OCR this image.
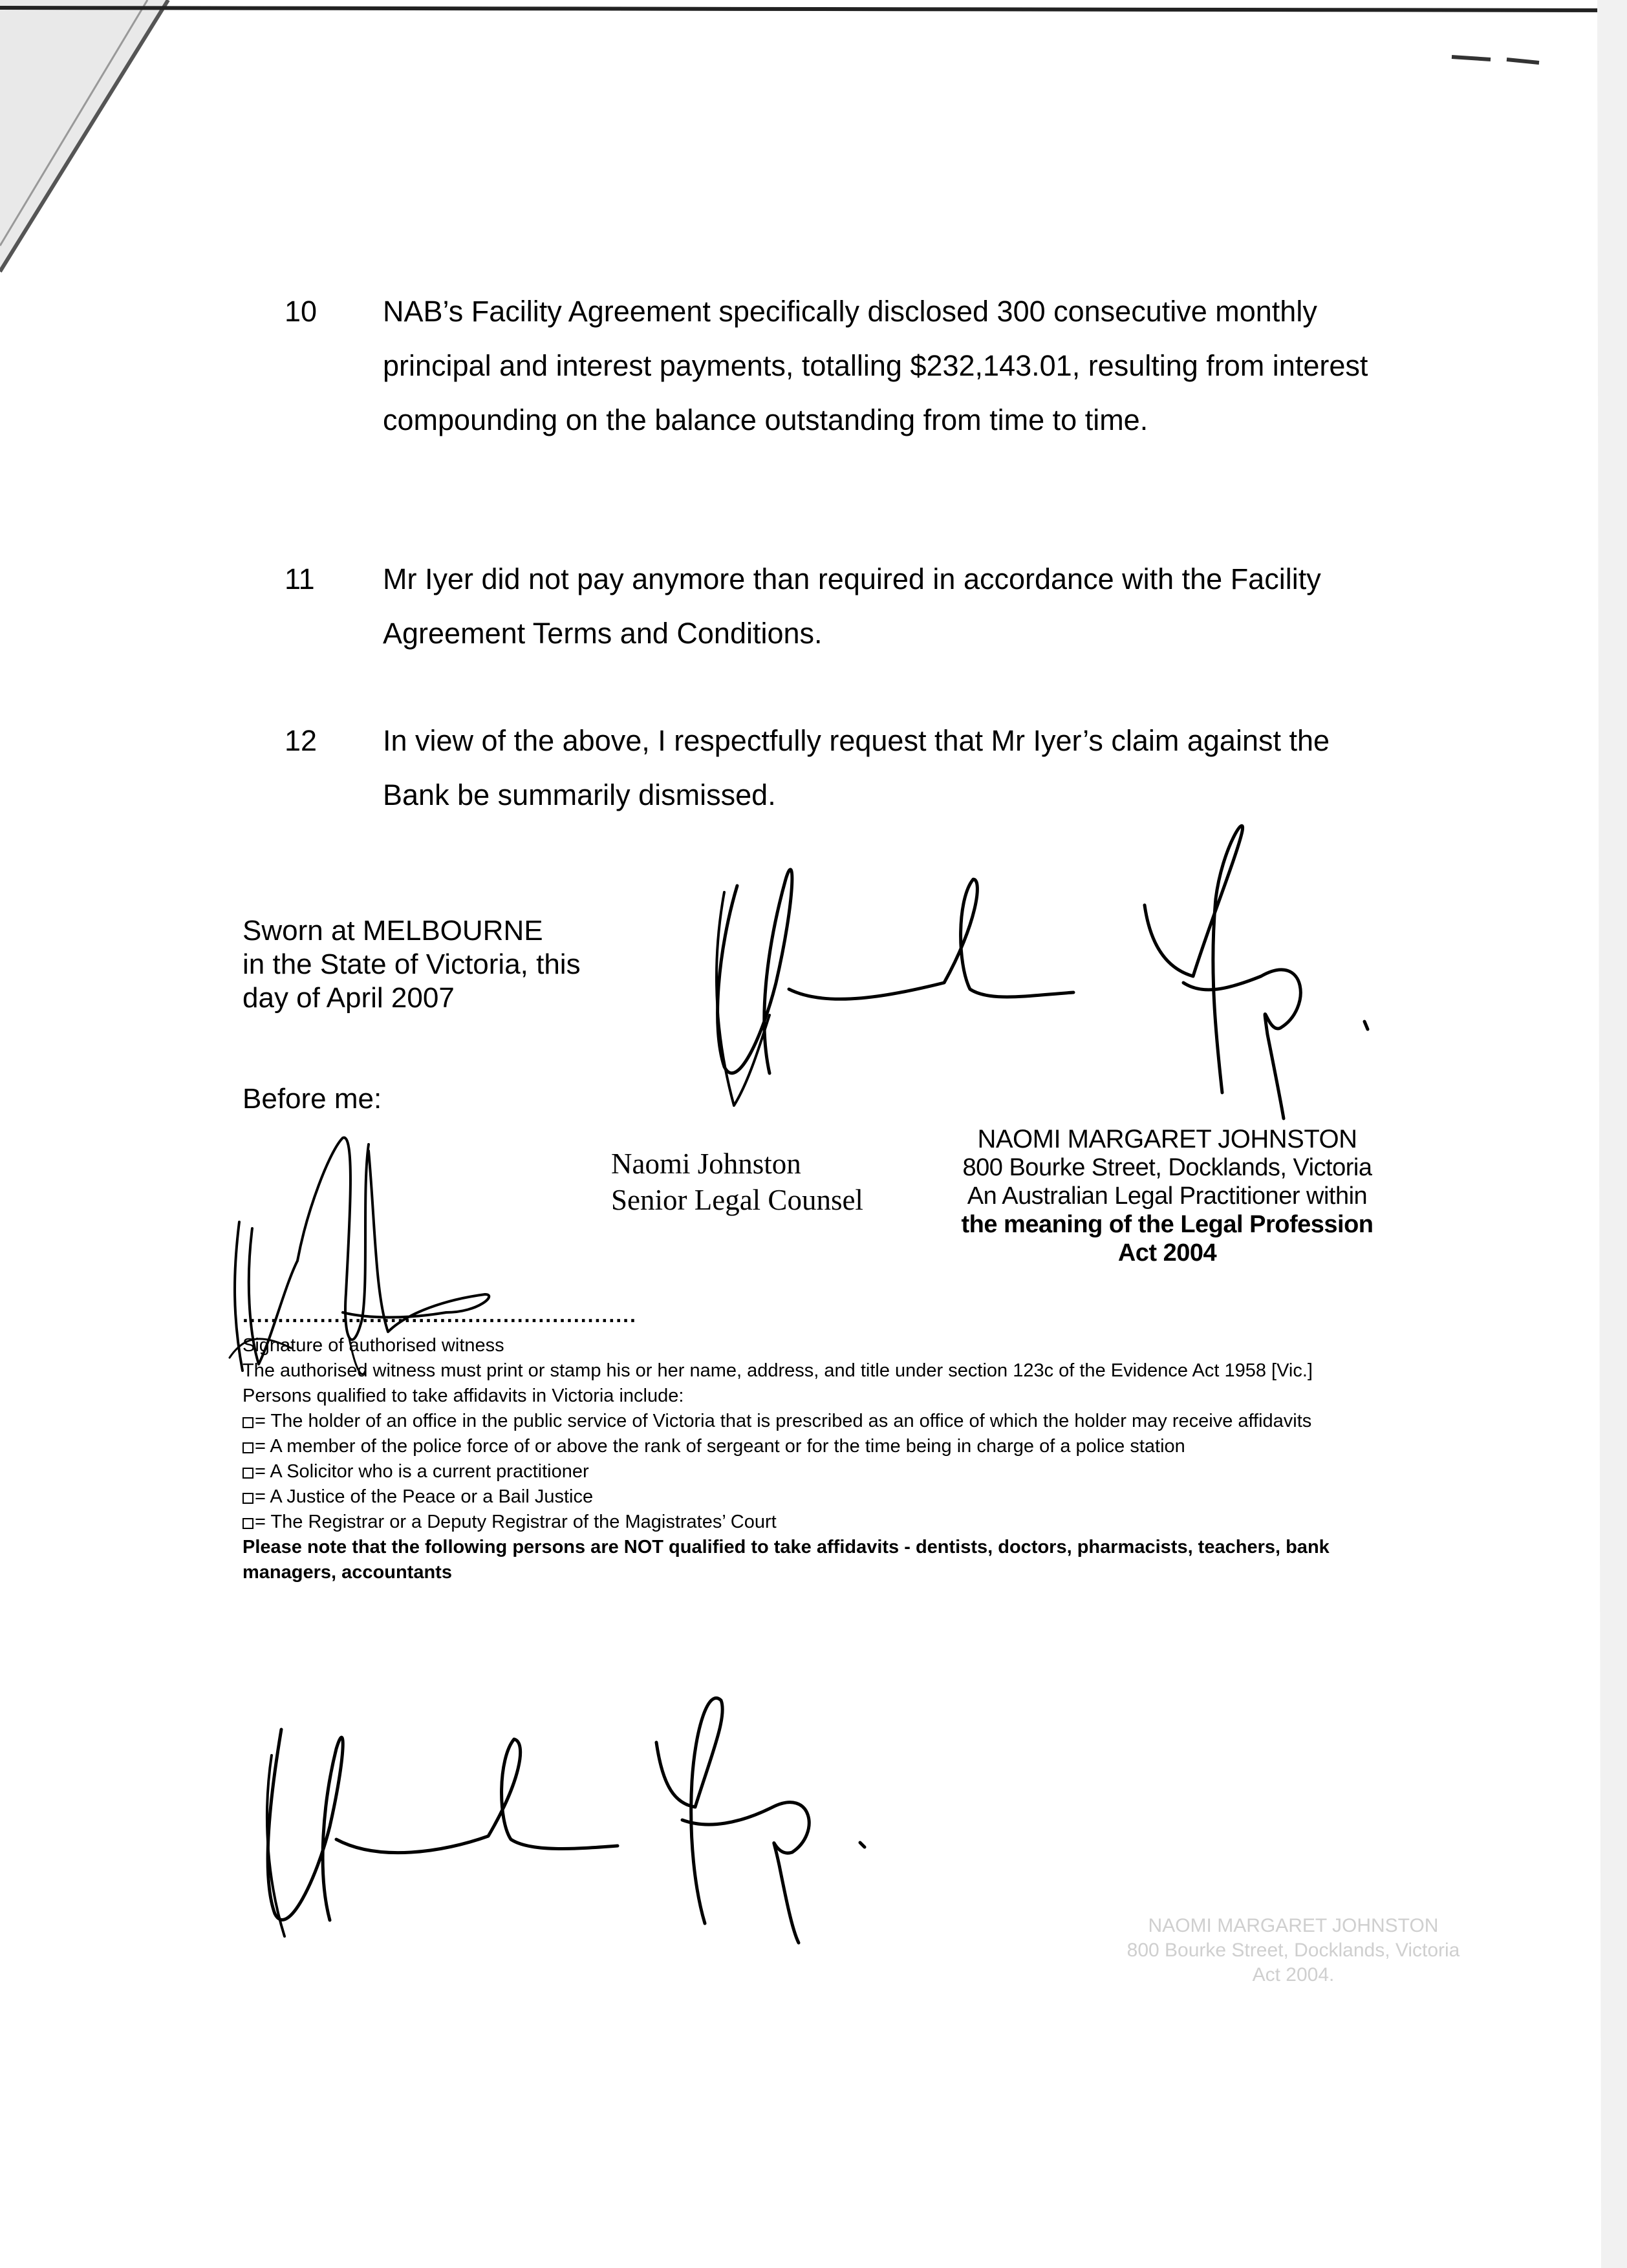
10 NAB’s Facility Agreement specifically disclosed 300 consecutive monthly principal and interest payments, totalling $232,143.01, resulting from interest compounding on the balance outstanding from time to time.
11 Mr Iyer did not pay anymore than required in accordance with the Facility Agreement Terms and Conditions.
12 In view of the above, I respectfully request that Mr Iyer’s claim against the Bank be summarily dismissed.
Sworn at MELBOURNE
in the State of Victoria, this
day of April 2007
Before me:
Naomi Johnston
Senior Legal Counsel
NAOMI MARGARET JOHNSTON
800 Bourke Street, Docklands, Victoria
An Australian Legal Practitioner within
the meaning of the Legal Profession
Act 2004
........................................................

Signature of authorised witness

The authorised witness must print or stamp his or her name, address, and title under section 123c of the Evidence Act 1958 [Vic.]

Persons qualified to take affidavits in Victoria include:

= The holder of an office in the public service of Victoria that is prescribed as an office of which the holder may receive affidavits

= A member of the police force of or above the rank of sergeant or for the time being in charge of a police station

= A Solicitor who is a current practitioner

= A Justice of the Peace or a Bail Justice

= The Registrar or a Deputy Registrar of the Magistrates’ Court

Please note that the following persons are NOT qualified to take affidavits - dentists, doctors, pharmacists, teachers, bank

managers, accountants

NAOMI MARGARET JOHNSTON
800 Bourke Street, Docklands, Victoria
Act 2004.
